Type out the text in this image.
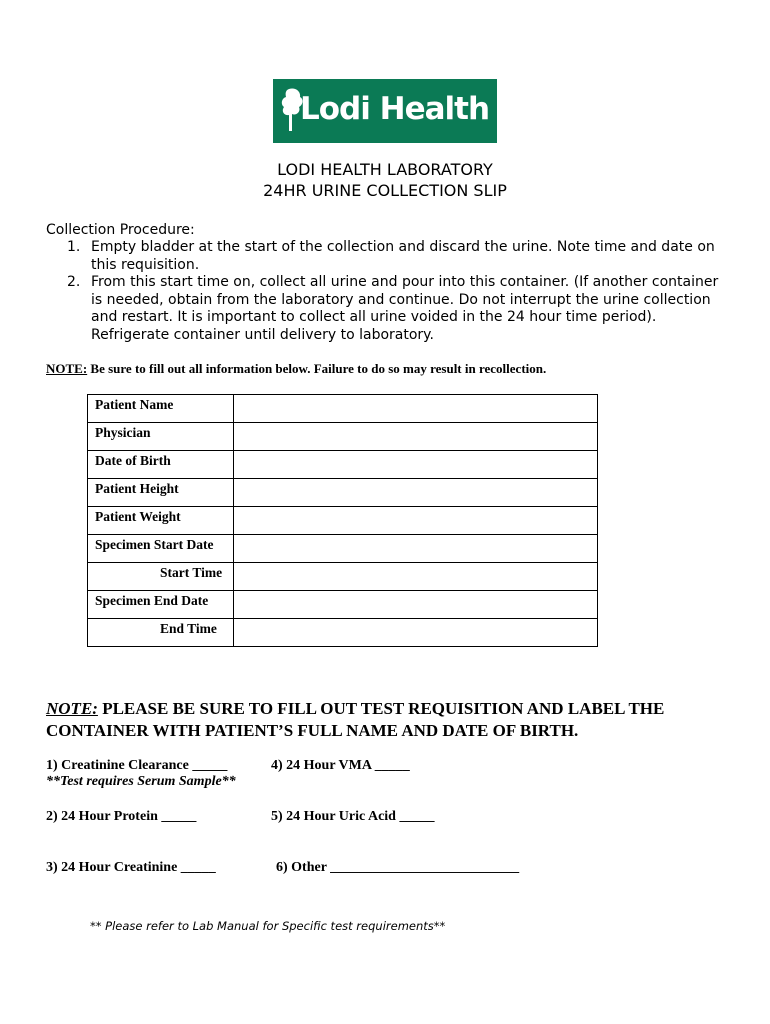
Lodi Health
LODI HEALTH LABORATORY
24HR URINE COLLECTION SLIP
Collection Procedure:
1. Empty bladder at the start of the collection and discard the urine. Note time and date on this requisition.
2. From this start time on, collect all urine and pour into this container. (If another container is needed, obtain from the laboratory and continue. Do not interrupt the urine collection and restart. It is important to collect all urine voided in the 24 hour time period). Refrigerate container until delivery to laboratory.
NOTE: Be sure to fill out all information below. Failure to do so may result in recollection.
Patient Name	
Physician	
Date of Birth	
Patient Height	
Patient Weight	
Specimen Start Date	
Start Time	
Specimen End Date	
End Time	
NOTE: PLEASE BE SURE TO FILL OUT TEST REQUISITION AND LABEL THE CONTAINER WITH PATIENT’S FULL NAME AND DATE OF BIRTH.
1) Creatinine Clearance _____
**Test requires Serum Sample**
4) 24 Hour VMA _____
2) 24 Hour Protein _____	5) 24 Hour Uric Acid _____
3) 24 Hour Creatinine _____	6) Other ___________________________
** Please refer to Lab Manual for Specific test requirements**
